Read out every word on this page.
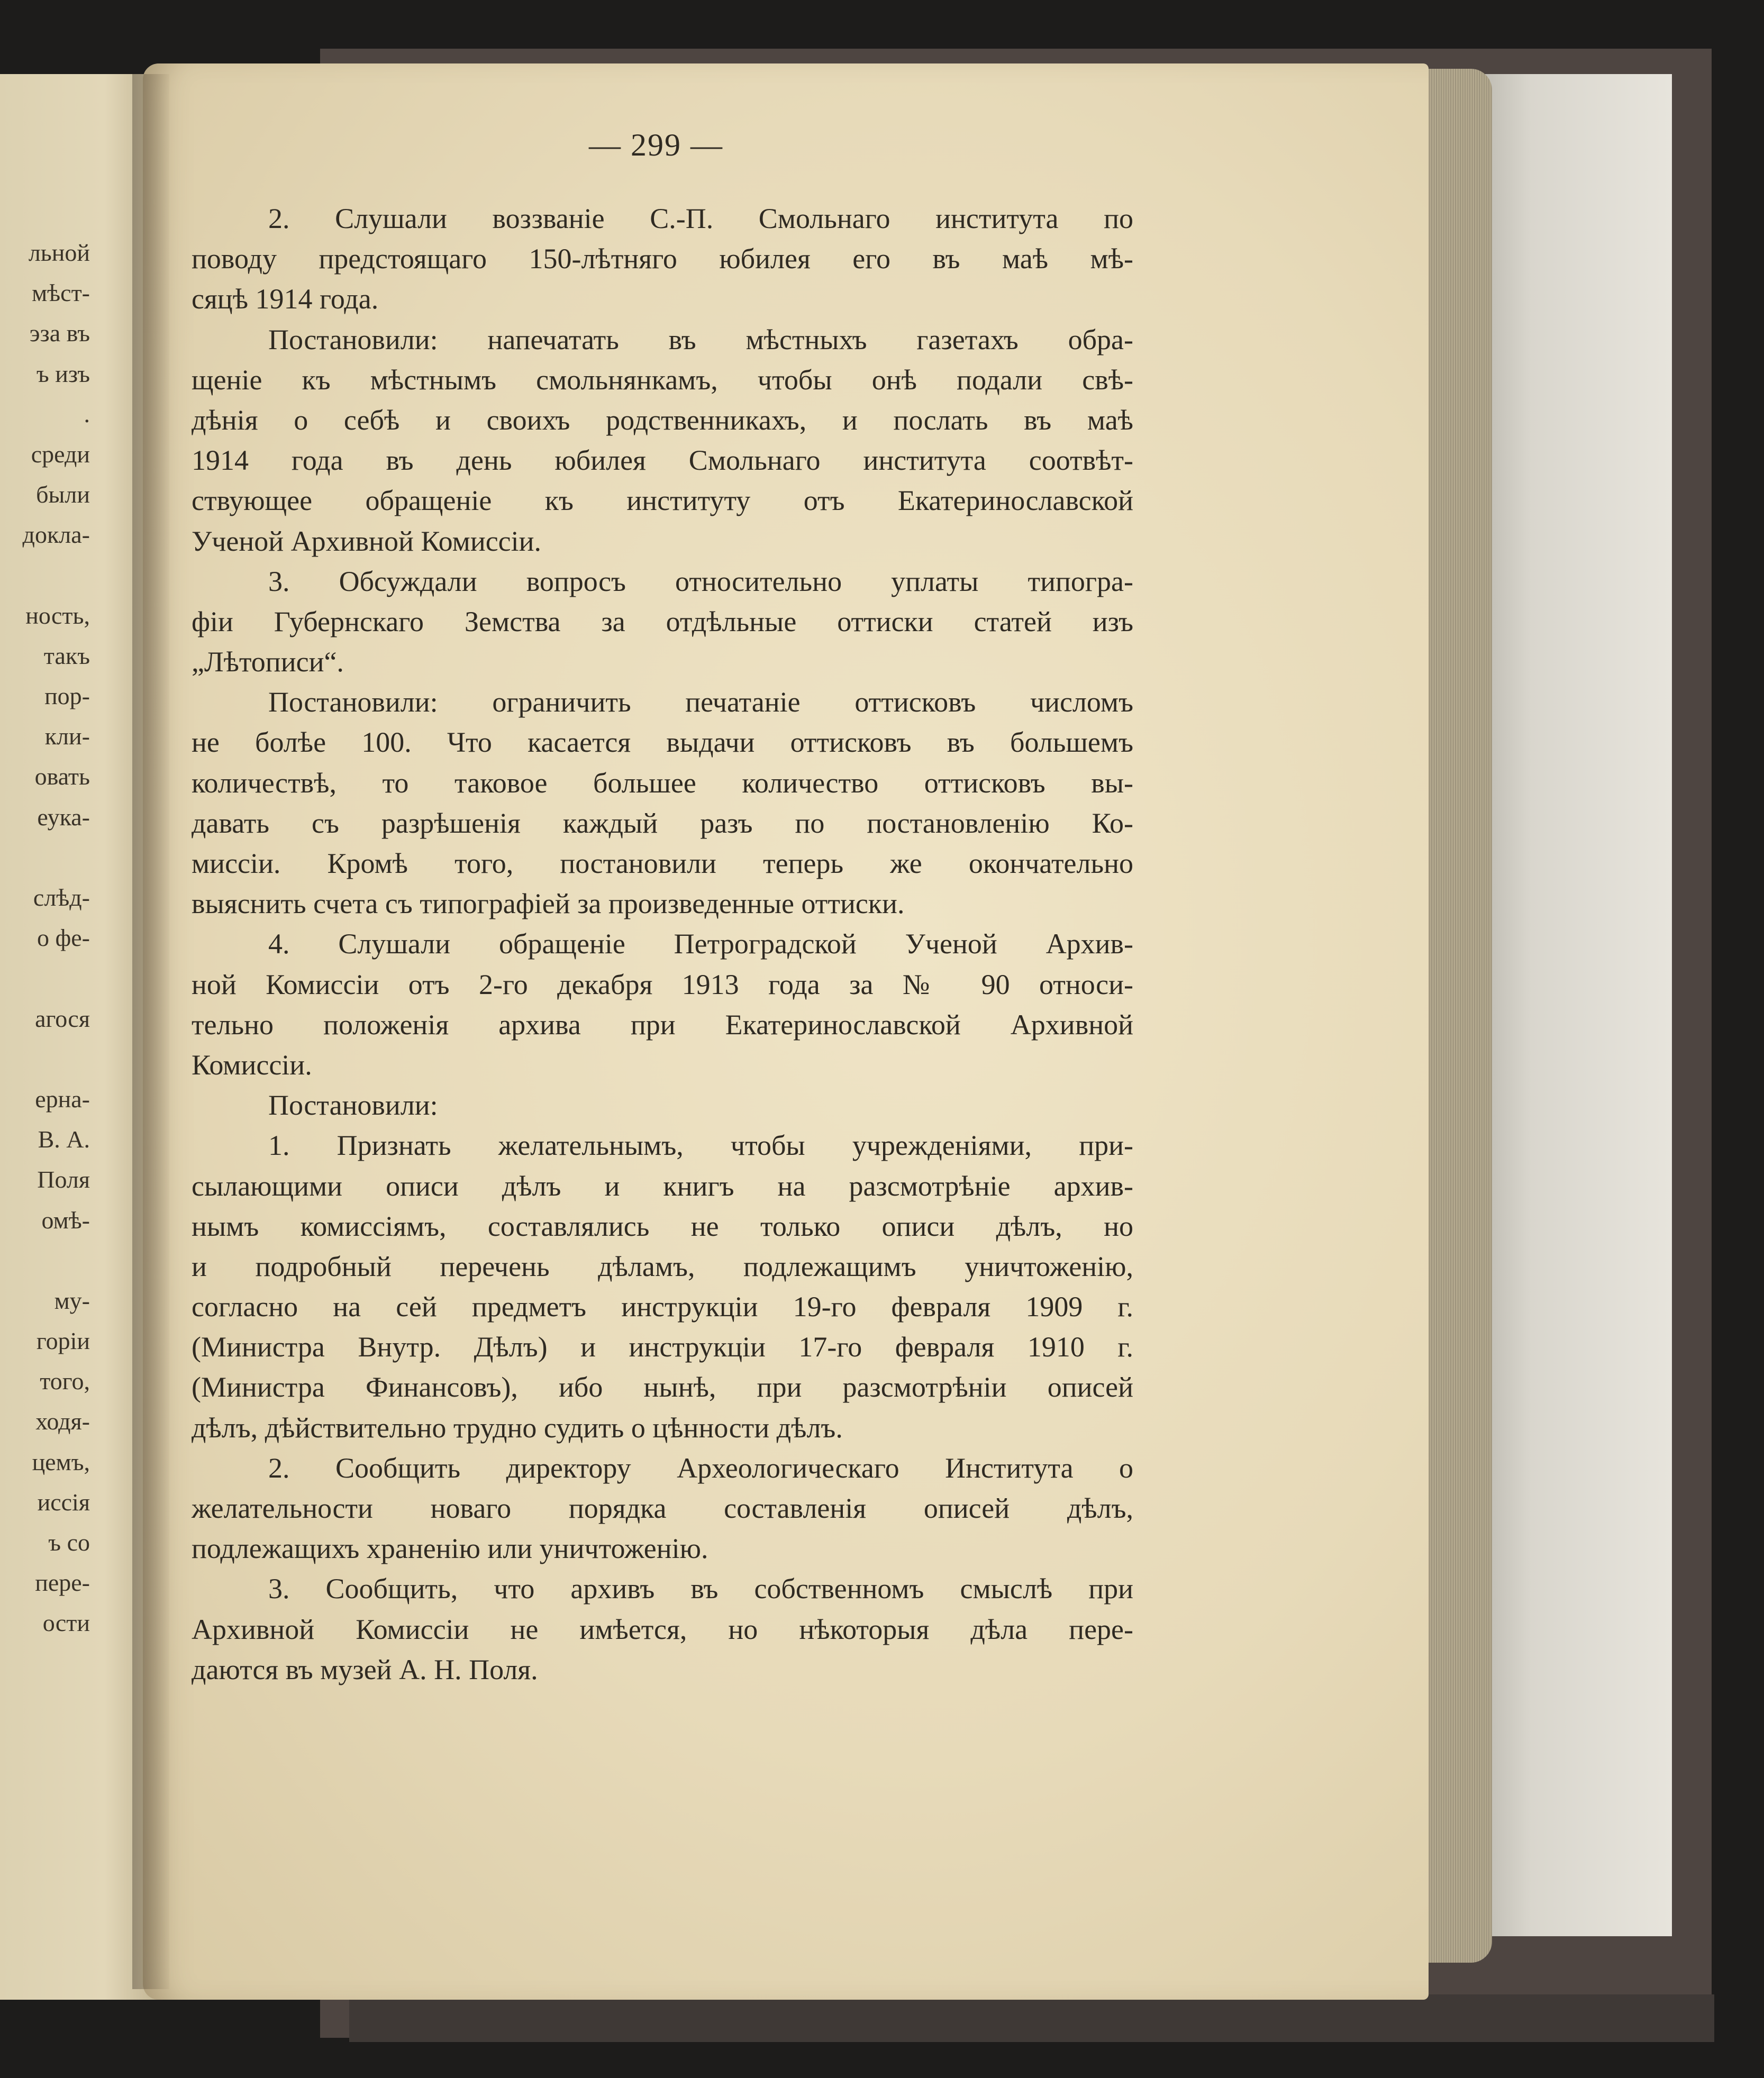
льной
мѣст-
эза въ
ъ изъ
.
среди
были
докла-
ность,
такъ
пор-
кли-
овать
еука-
слѣд-
о фе-
агося
ерна-
В. А.
Поля
омѣ-
му-
горіи
того,
ходя-
цемъ,
иссія
ъ со
пере-
ости
— 299 —
2. Слушали воззваніе С.-П. Смольнаго института по
поводу предстоящаго 150-лѣтняго юбилея его въ маѣ мѣ-
сяцѣ 1914 года.
Постановили: напечатать въ мѣстныхъ газетахъ обра-
щеніе къ мѣстнымъ смольнянкамъ, чтобы онѣ подали свѣ-
дѣнія о себѣ и своихъ родственникахъ, и послать въ маѣ
1914 года въ день юбилея Смольнаго института соотвѣт-
ствующее обращеніе къ институту отъ Екатеринославской
Ученой Архивной Комиссіи.
3. Обсуждали вопросъ относительно уплаты типогра-
фіи Губернскаго Земства за отдѣльные оттиски статей изъ
„Лѣтописи“.
Постановили: ограничить печатаніе оттисковъ числомъ
не болѣе 100. Что касается выдачи оттисковъ въ большемъ
количествѣ, то таковое большее количество оттисковъ вы-
давать съ разрѣшенія каждый разъ по постановленію Ко-
миссіи. Кромѣ того, постановили теперь же окончательно
выяснить счета съ типографіей за произведенные оттиски.
4. Слушали обращеніе Петроградской Ученой Архив-
ной Комиссіи отъ 2-го декабря 1913 года за № 90 относи-
тельно положенія архива при Екатеринославской Архивной
Комиссіи.
Постановили:
1. Признать желательнымъ, чтобы учрежденіями, при-
сылающими описи дѣлъ и книгъ на разсмотрѣніе архив-
нымъ комиссіямъ, составлялись не только описи дѣлъ, но
и подробный перечень дѣламъ, подлежащимъ уничтоженію,
согласно на сей предметъ инструкціи 19-го февраля 1909 г.
(Министра Внутр. Дѣлъ) и инструкціи 17-го февраля 1910 г.
(Министра Финансовъ), ибо нынѣ, при разсмотрѣніи описей
дѣлъ, дѣйствительно трудно судить о цѣнности дѣлъ.
2. Сообщить директору Археологическаго Института о
желательности новаго порядка составленія описей дѣлъ,
подлежащихъ храненію или уничтоженію.
3. Сообщить, что архивъ въ собственномъ смыслѣ при
Архивной Комиссіи не имѣется, но нѣкоторыя дѣла пере-
даются въ музей А. Н. Поля.
